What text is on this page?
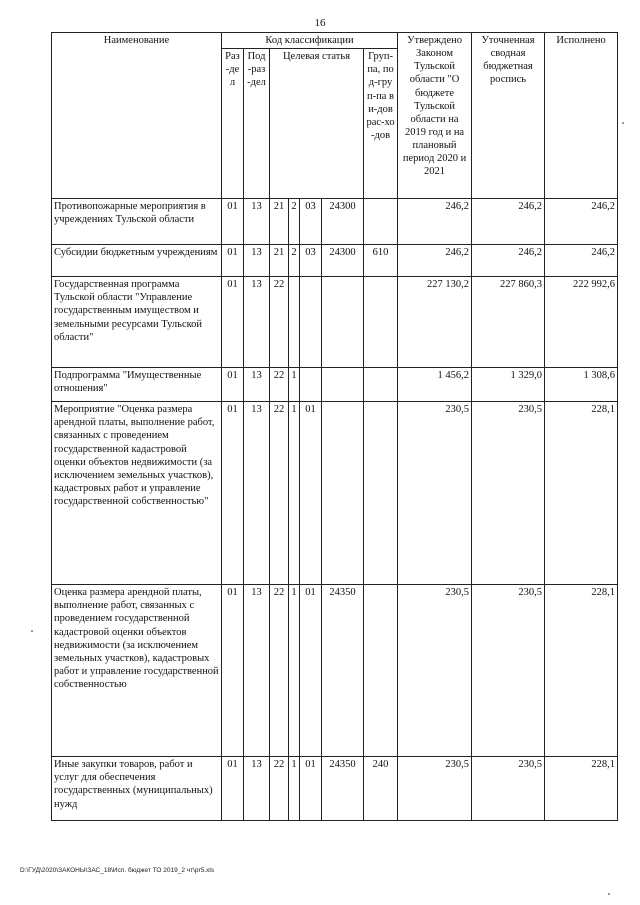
16
Наименование	Код классификации							Утверждено Законом Тульской области "О бюджете Тульской области на 2019 год и на плановый период 2020 и 2021	Уточненная сводная бюджетная роспись	Исполнено
	Раз-дел	Под-раз-дел	Целевая статья				Груп-па, под-груп-па ви-дов рас-хо-дов			
Противопожарные мероприятия в учреждениях Тульской области	01	13	21	2	03	24300		246,2	246,2	246,2
Субсидии бюджетным учреждениям	01	13	21	2	03	24300	610	246,2	246,2	246,2
Государственная программа Тульской области "Управление государственным имуществом и земельными ресурсами Тульской области"	01	13	22					227 130,2	227 860,3	222 992,6
Подпрограмма "Имущественные отношения"	01	13	22	1				1 456,2	1 329,0	1 308,6
Мероприятие "Оценка размера арендной платы, выполнение работ, связанных с проведением государственной кадастровой оценки объектов недвижимости (за исключением земельных участков), кадастровых работ и управление государственной собственностью"	01	13	22	1	01			230,5	230,5	228,1
Оценка размера арендной платы, выполнение работ, связанных с проведением государственной кадастровой оценки объектов недвижимости (за исключением земельных участков), кадастровых работ и управление государственной собственностью	01	13	22	1	01	24350		230,5	230,5	228,1
Иные закупки товаров, работ и услуг для обеспечения государственных (муниципальных) нужд	01	13	22	1	01	24350	240	230,5	230,5	228,1
D:\ГУД\2020\ЗАКОНЫ\ЗАС_18\Исп. бюджет ТО 2019_2 чт\pr5.xls
